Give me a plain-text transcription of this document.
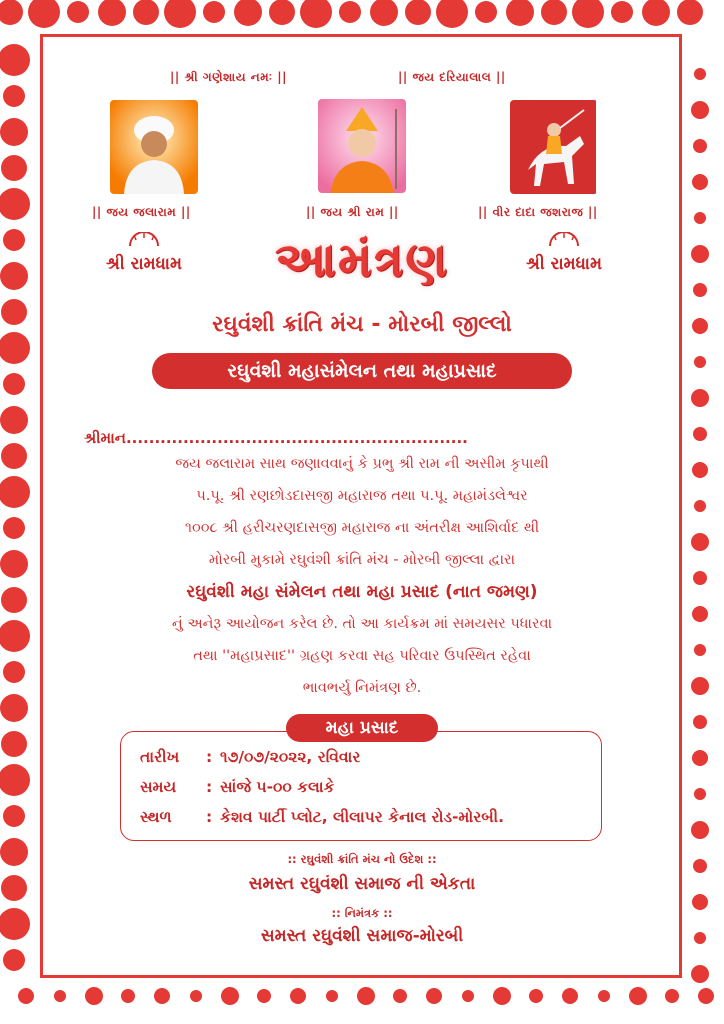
|| શ્રી ગણેશાય નમઃ ||	|| જય દરિયાલાલ ||
|| જય જલારામ ||	|| જય શ્રી રામ ||	|| વીર દાદા જશરાજ ||
શ્રી રામધામ	શ્રી રામધામ
આમંત્રણ
રઘુવંશી ક્રાંતિ મંચ - મોરબી જીલ્લો
રઘુવંશી મહાસંમેલન તથા મહાપ્રસાદ
શ્રીમાન............................................................
જય જલારામ સાથ જણાવવાનું કે પ્રભુ શ્રી રામ ની અસીમ કૃપાથી
પ.પૂ. શ્રી રણછોડદાસજી મહારાજ તથા પ.પૂ. મહામંડલેશ્વર
૧૦૦૮ શ્રી હરીચરણદાસજી મહારાજ ના અંતરીક્ષ આશિર્વાદ થી
મોરબી મુકામે રઘુવંશી ક્રાંતિ મંચ - મોરબી જીલ્લા દ્વારા
રઘુવંશી મહા સંમેલન તથા મહા પ્રસાદ (નાત જમણ)
નું અનેરૂ આયોજન કરેલ છે. તો આ કાર્યક્રમ માં સમયસર પધારવા
તથા ''મહાપ્રસાદ'' ગ્રહણ કરવા સહ પરિવાર ઉપસ્થિત રહેવા
ભાવભર્યુ નિમંત્રણ છે.
મહા પ્રસાદ
તારીખ : ૧૭/૦૭/૨૦૨૨, રવિવાર
સમય : સાંજે ૫-૦૦ કલાકે
સ્થળ : કેશવ પાર્ટી પ્લોટ, લીલાપર કેનાલ રોડ-મોરબી.
:: રઘુવંશી ક્રાંતિ મંચ નો ઉદેશ ::
સમસ્ત રઘુવંશી સમાજ ની એકતા
:: નિમંત્રક ::
સમસ્ત રઘુવંશી સમાજ-મોરબી
